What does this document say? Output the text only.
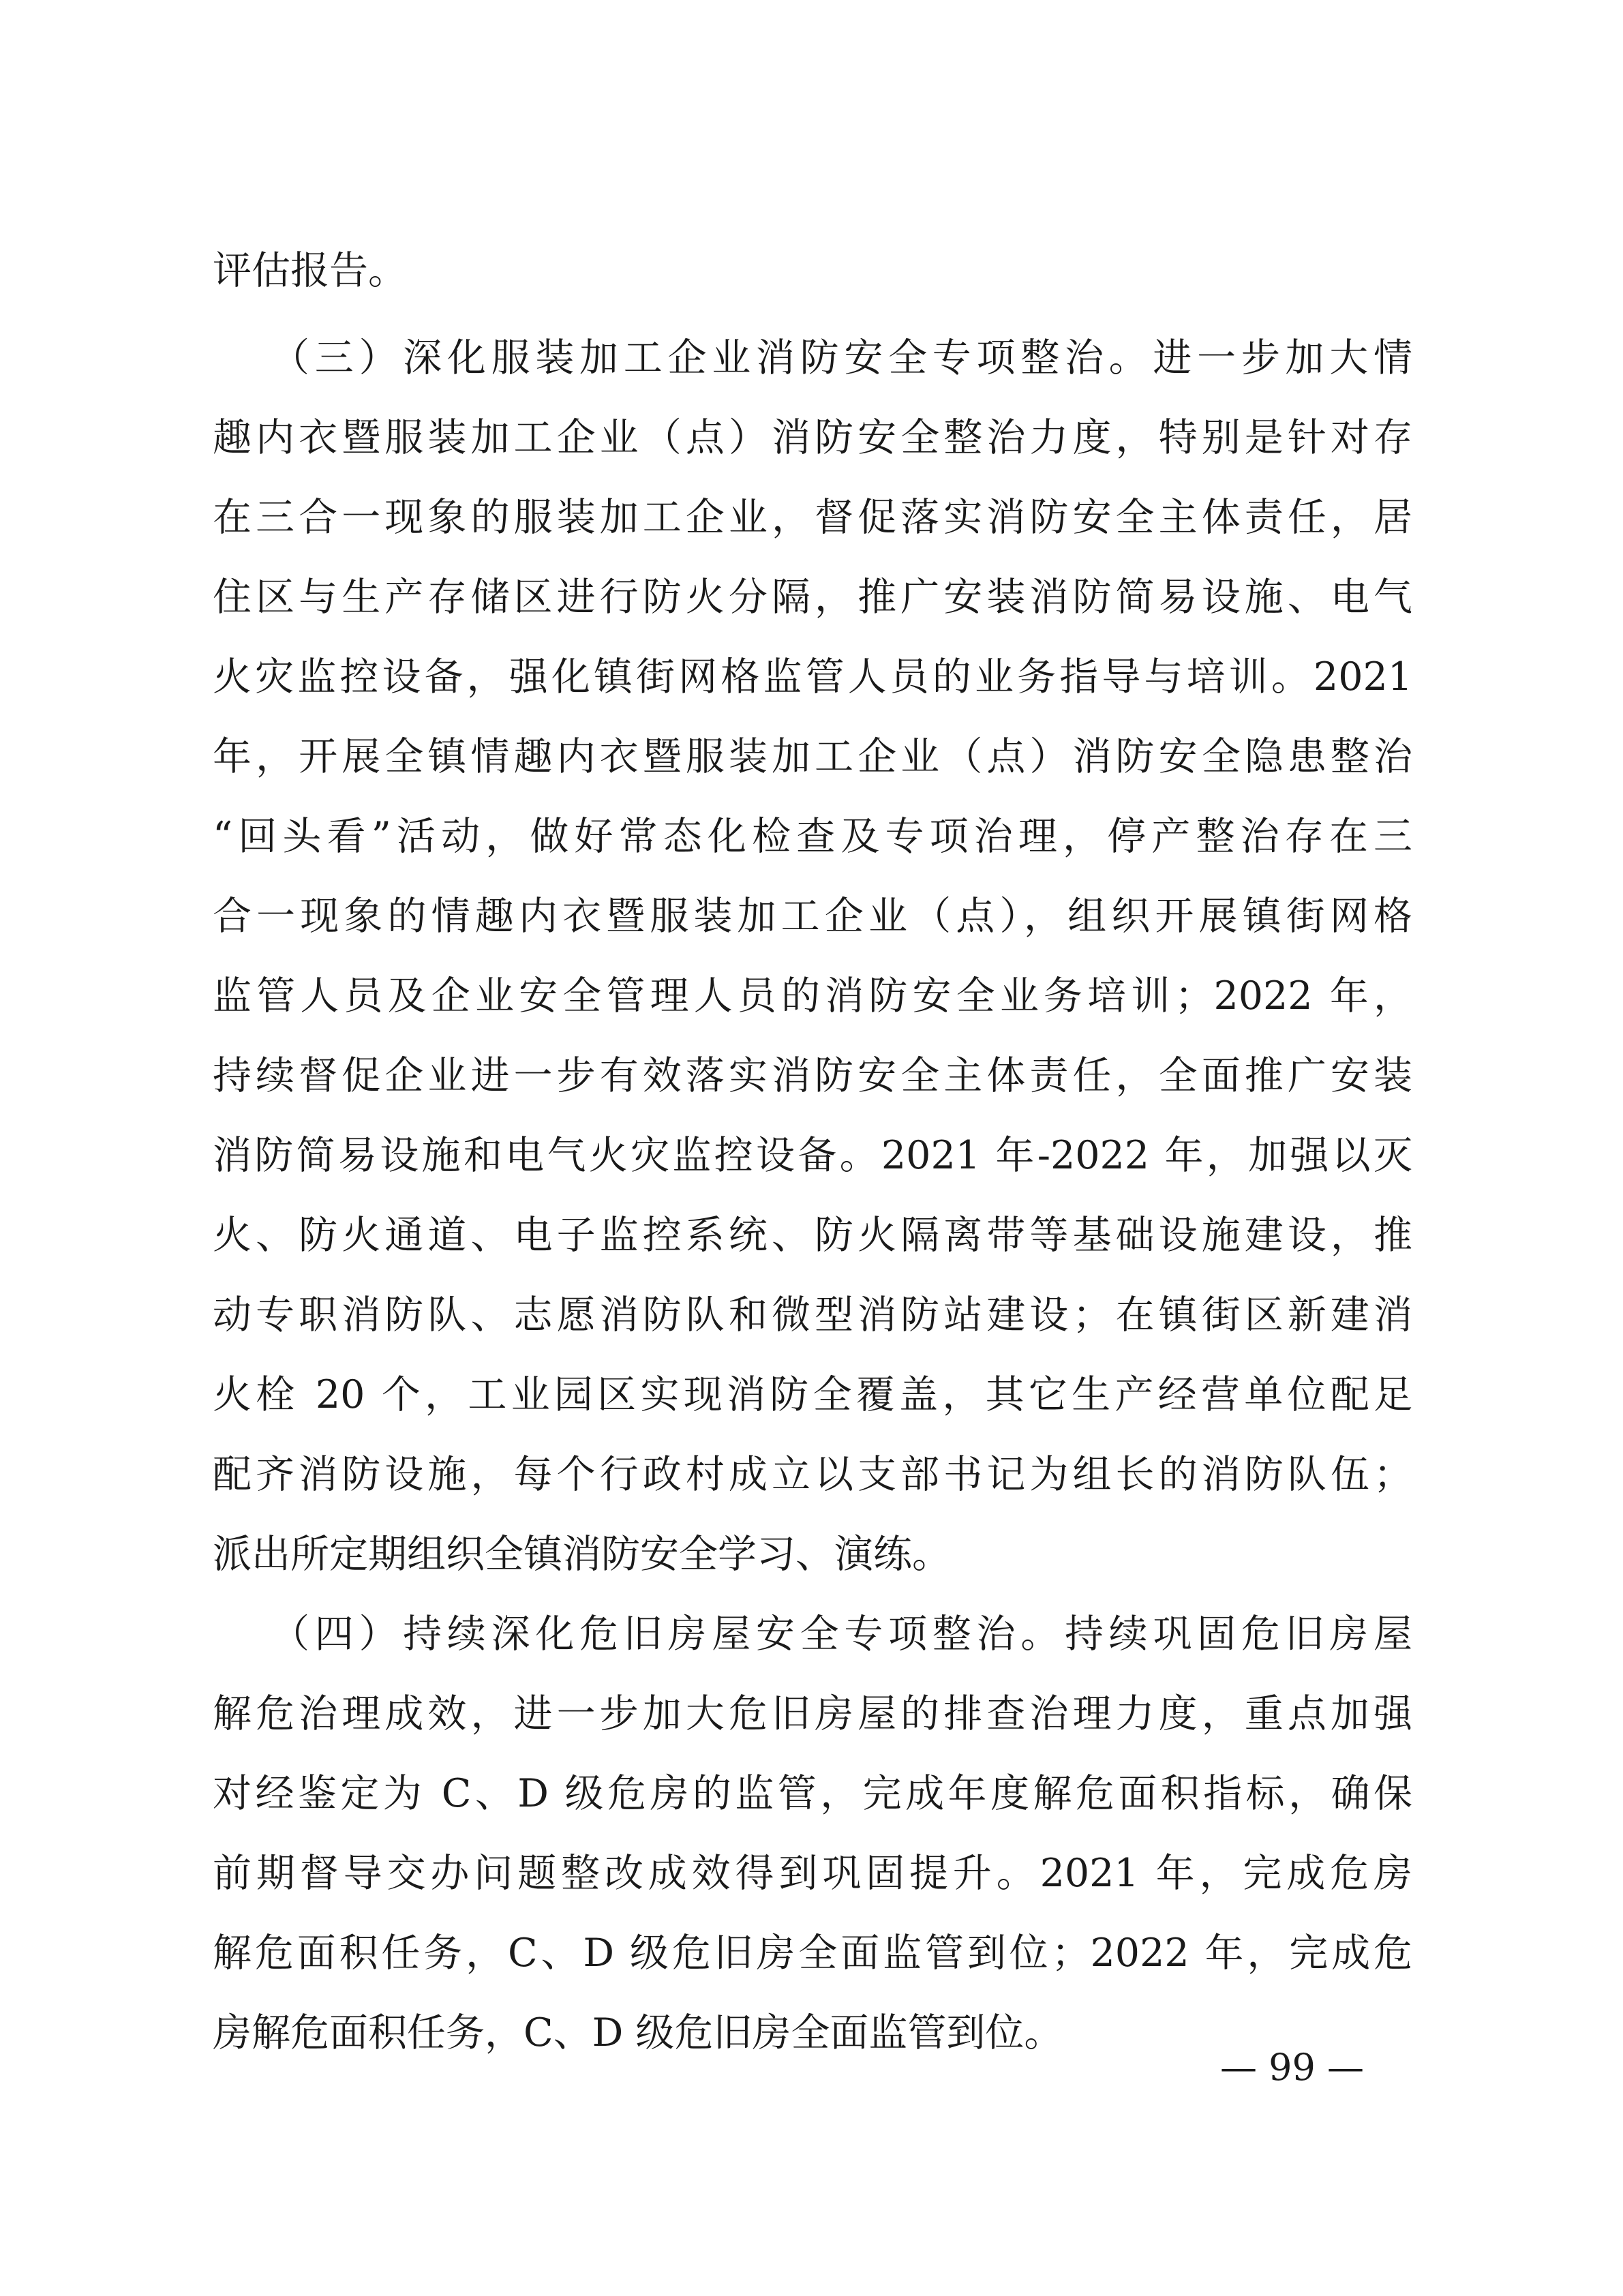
评估报告。
（三）深化服装加工企业消防安全专项整治。进一步加大情
趣内衣暨服装加工企业（点）消防安全整治力度，特别是针对存
在三合一现象的服装加工企业，督促落实消防安全主体责任，居
住区与生产存储区进行防火分隔，推广安装消防简易设施、电气
火灾监控设备，强化镇街网格监管人员的业务指导与培训。2021
年，开展全镇情趣内衣暨服装加工企业（点）消防安全隐患整治
“回头看”活动，做好常态化检查及专项治理，停产整治存在三
合一现象的情趣内衣暨服装加工企业（点），组织开展镇街网格
监管人员及企业安全管理人员的消防安全业务培训；2022 年，
持续督促企业进一步有效落实消防安全主体责任，全面推广安装
消防简易设施和电气火灾监控设备。2021 年-2022 年，加强以灭
火、防火通道、电子监控系统、防火隔离带等基础设施建设，推
动专职消防队、志愿消防队和微型消防站建设；在镇街区新建消
火栓 20 个，工业园区实现消防全覆盖，其它生产经营单位配足
配齐消防设施，每个行政村成立以支部书记为组长的消防队伍；
派出所定期组织全镇消防安全学习、演练。
（四）持续深化危旧房屋安全专项整治。持续巩固危旧房屋
解危治理成效，进一步加大危旧房屋的排查治理力度，重点加强
对经鉴定为 C、D 级危房的监管，完成年度解危面积指标，确保
前期督导交办问题整改成效得到巩固提升。2021 年，完成危房
解危面积任务，C、D 级危旧房全面监管到位；2022 年，完成危
房解危面积任务，C、D 级危旧房全面监管到位。
— 99 —
